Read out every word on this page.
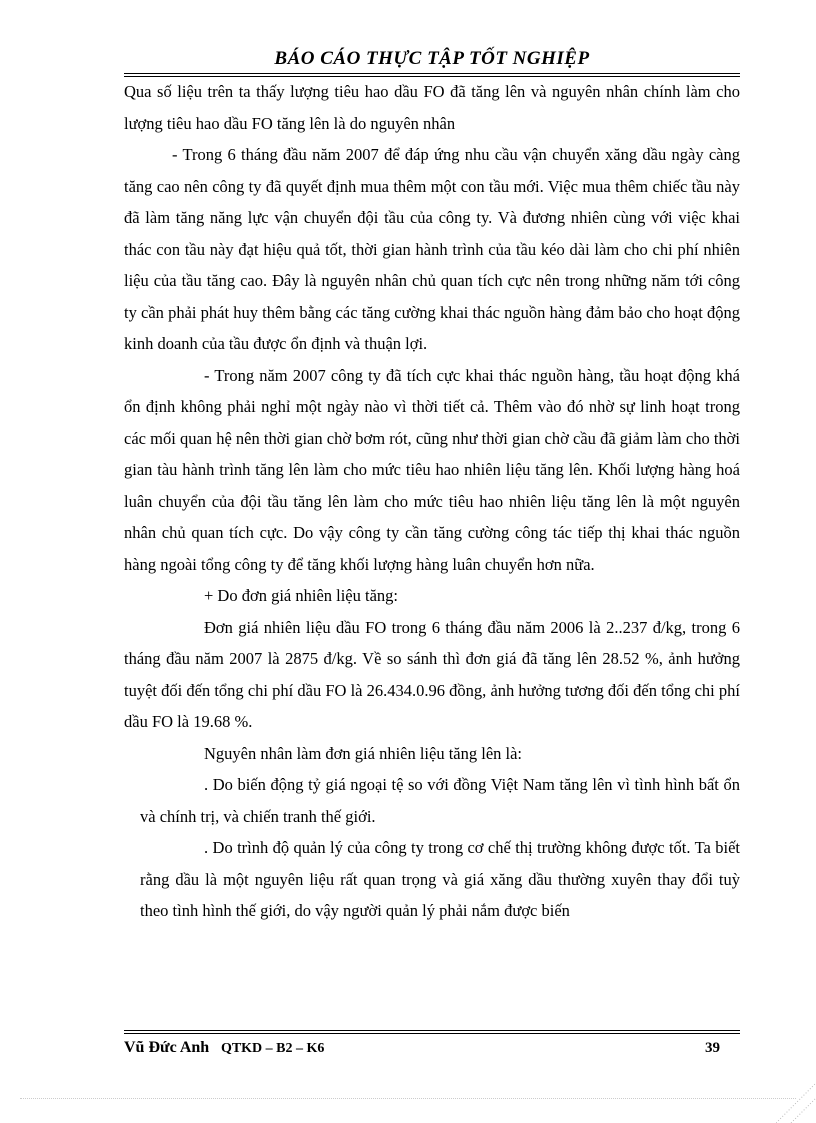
BÁO CÁO THỰC TẬP TỐT NGHIỆP

Qua số liệu trên ta thấy lượng tiêu hao dầu FO đã tăng lên và nguyên nhân chính làm cho lượng tiêu hao dầu FO tăng lên là do nguyên nhân

- Trong 6 tháng đầu năm 2007 để đáp ứng nhu cầu vận chuyển xăng dầu ngày càng tăng cao nên công ty đã quyết định mua thêm một con tầu mới. Việc mua thêm chiếc tầu này đã làm tăng năng lực vận chuyển đội tầu của công ty. Và đương nhiên cùng với việc khai thác con tầu này đạt hiệu quả tốt, thời gian hành trình của tầu kéo dài làm cho chi phí nhiên liệu của tầu tăng cao. Đây là nguyên nhân chủ quan tích cực nên trong những năm tới công ty cần phải phát huy thêm bằng các tăng cường khai thác nguồn hàng đảm bảo cho hoạt động kinh doanh của tầu được ổn định và thuận lợi.

- Trong năm 2007 công ty đã tích cực khai thác nguồn hàng, tầu hoạt động khá ổn định không phải nghỉ một ngày nào vì thời tiết cả. Thêm vào đó nhờ sự linh hoạt trong các mối quan hệ nên thời gian chờ bơm rót, cũng như thời gian chờ cầu đã giảm làm cho thời gian tàu hành trình tăng lên làm cho mức tiêu hao nhiên liệu tăng lên. Khối lượng hàng hoá luân chuyển của đội tầu tăng lên làm cho mức tiêu hao nhiên liệu tăng lên là một nguyên nhân chủ quan tích cực. Do vậy công ty cần tăng cường công tác tiếp thị khai thác nguồn hàng ngoài tổng công ty để tăng khối lượng hàng luân chuyển hơn nữa.

+ Do đơn giá nhiên liệu tăng:

Đơn giá nhiên liệu dầu FO trong 6 tháng đầu năm 2006 là 2..237 đ/kg, trong 6 tháng đầu năm 2007 là 2875 đ/kg. Về so sánh thì đơn giá đã tăng lên 28.52 %, ảnh hưởng tuyệt đối đến tổng chi phí dầu FO là 26.434.0.96 đồng, ảnh hưởng tương đối đến tổng chi phí dầu FO là 19.68 %.

Nguyên nhân làm đơn giá nhiên liệu tăng lên là:

. Do biến động tỷ giá ngoại tệ so với đồng Việt Nam tăng lên vì tình hình bất ổn và chính trị, và chiến tranh thế giới.

. Do trình độ quản lý của công ty trong cơ chế thị trường không được tốt. Ta biết rằng dầu là một nguyên liệu rất quan trọng và giá xăng dầu thường xuyên thay đổi tuỳ theo tình hình thế giới, do vậy người quản lý phải nắm được biến

Vũ Đức Anh QTKD – B2 – K6	39
